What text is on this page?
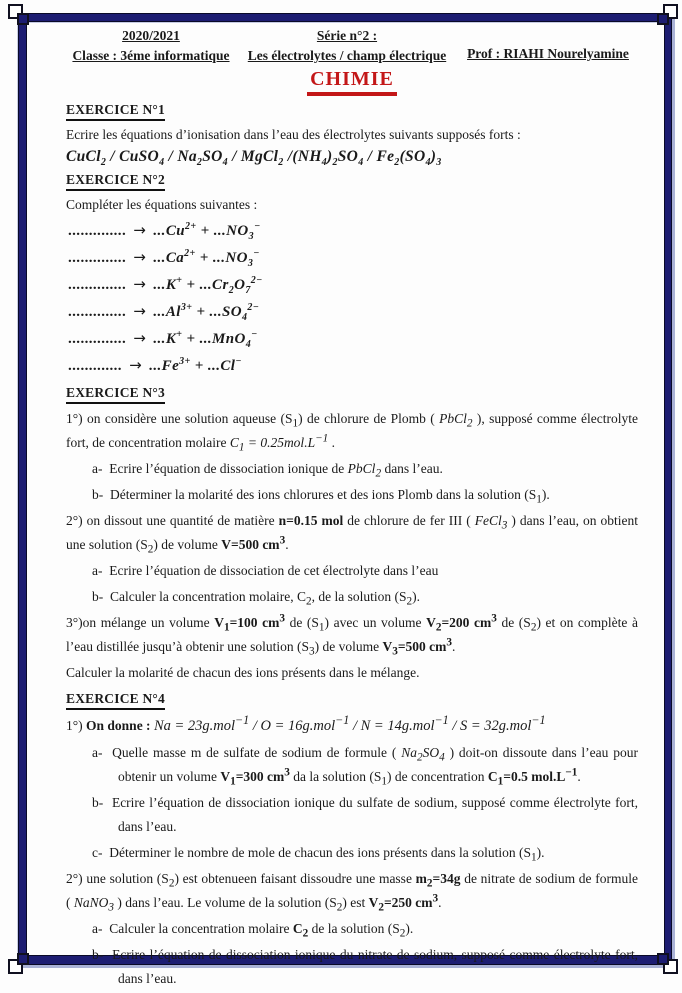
2020/2021
Classe : 3éme informatique
Série n°2 :
Les électrolytes / champ électrique	Prof : RIAHI Nourelyamine
CHIMIE
EXERCICE N°1

Ecrire les équations d’ionisation dans l’eau des électrolytes suivants supposés forts :

CuCl$_2$ / CuSO$_4$ / $Na_2SO_4$ / MgCl$_2$ $/(NH_4)_2SO_4 / Fe_2(SO_4)_3$
EXERCICE N°2

Compléter les équations suivantes :

.............. → $...Cu^{2+} + ...NO_3^-$
.............. → $...Ca^{2+} + ...NO_3^-$
.............. → $...K^+ + ...Cr_2O_7^{2-}$
.............. → $...Al^{3+} + ...SO_4^{2-}$
.............. → ...K+ + ...MnO$_4$−
............. → $...Fe^{3+} + ...Cl^-$
EXERCICE N°3

1°) on considère une solution aqueuse $(S_1)$ de chlorure de Plomb ( PbCl$_2$ ), supposé comme électrolyte fort, de concentration molaire $C_1 = 0.25mol.L^{-1}$ .

a-  Ecrire l’équation de dissociation ionique de PbCl$_2$ dans l’eau.

b-  Déterminer la molarité des ions chlorures et des ions Plomb dans la solution $(S_1)$.

2°) on dissout une quantité de matière n=0.15 mol de chlorure de fer III ( FeCl$_3$ ) dans l’eau, on obtient une solution $(S_2)$ de volume V=500 $cm^3$.

a-  Ecrire l’équation de dissociation de cet électrolyte dans l’eau

b-  Calculer la concentration molaire, $C_2$, de la solution $(S_2)$.

3°)on mélange un volume $V_1=100$ $cm^3$ de $(S_1)$ avec un volume $V_2=200$ $cm^3$ de $(S_2)$ et on complète à l’eau distillée jusqu’à obtenir une solution $(S_3)$ de volume $V_3=500$ $cm^3$.

Calculer la molarité de chacun des ions présents dans le mélange.

EXERCICE N°4

1°) On donne : Na = 23g.mol$^{-1}$ / O = 16g.mol$^{-1}$ / N = 14g.mol$^{-1}$ / S = 32g.mol$^{-1}$

a-  Quelle masse m de sulfate de sodium de formule ( $Na_2SO_4$ ) doit-on dissoute dans l’eau pour obtenir un volume $V_1=300$ $cm^3$ da la solution $(S_1)$ de concentration $C_1=0.5$ $mol.L^{-1}$.

b-  Ecrire l’équation de dissociation ionique du sulfate de sodium, supposé comme électrolyte fort, dans l’eau.

c-  Déterminer le nombre de mole de chacun des ions présents dans la solution $(S_1)$.

2°) une solution $(S_2)$ est obtenueen faisant dissoudre une masse $m_2=34g$ de nitrate de sodium de formule ( NaNO$_3$ ) dans l’eau. Le volume de la solution $(S_2)$ est $V_2=250$ $cm^3$.

a-  Calculer la concentration molaire $C_2$ de la solution $(S_2)$.

b-  Ecrire l’équation de dissociation ionique du nitrate de sodium, supposé comme électrolyte fort, dans l’eau.
